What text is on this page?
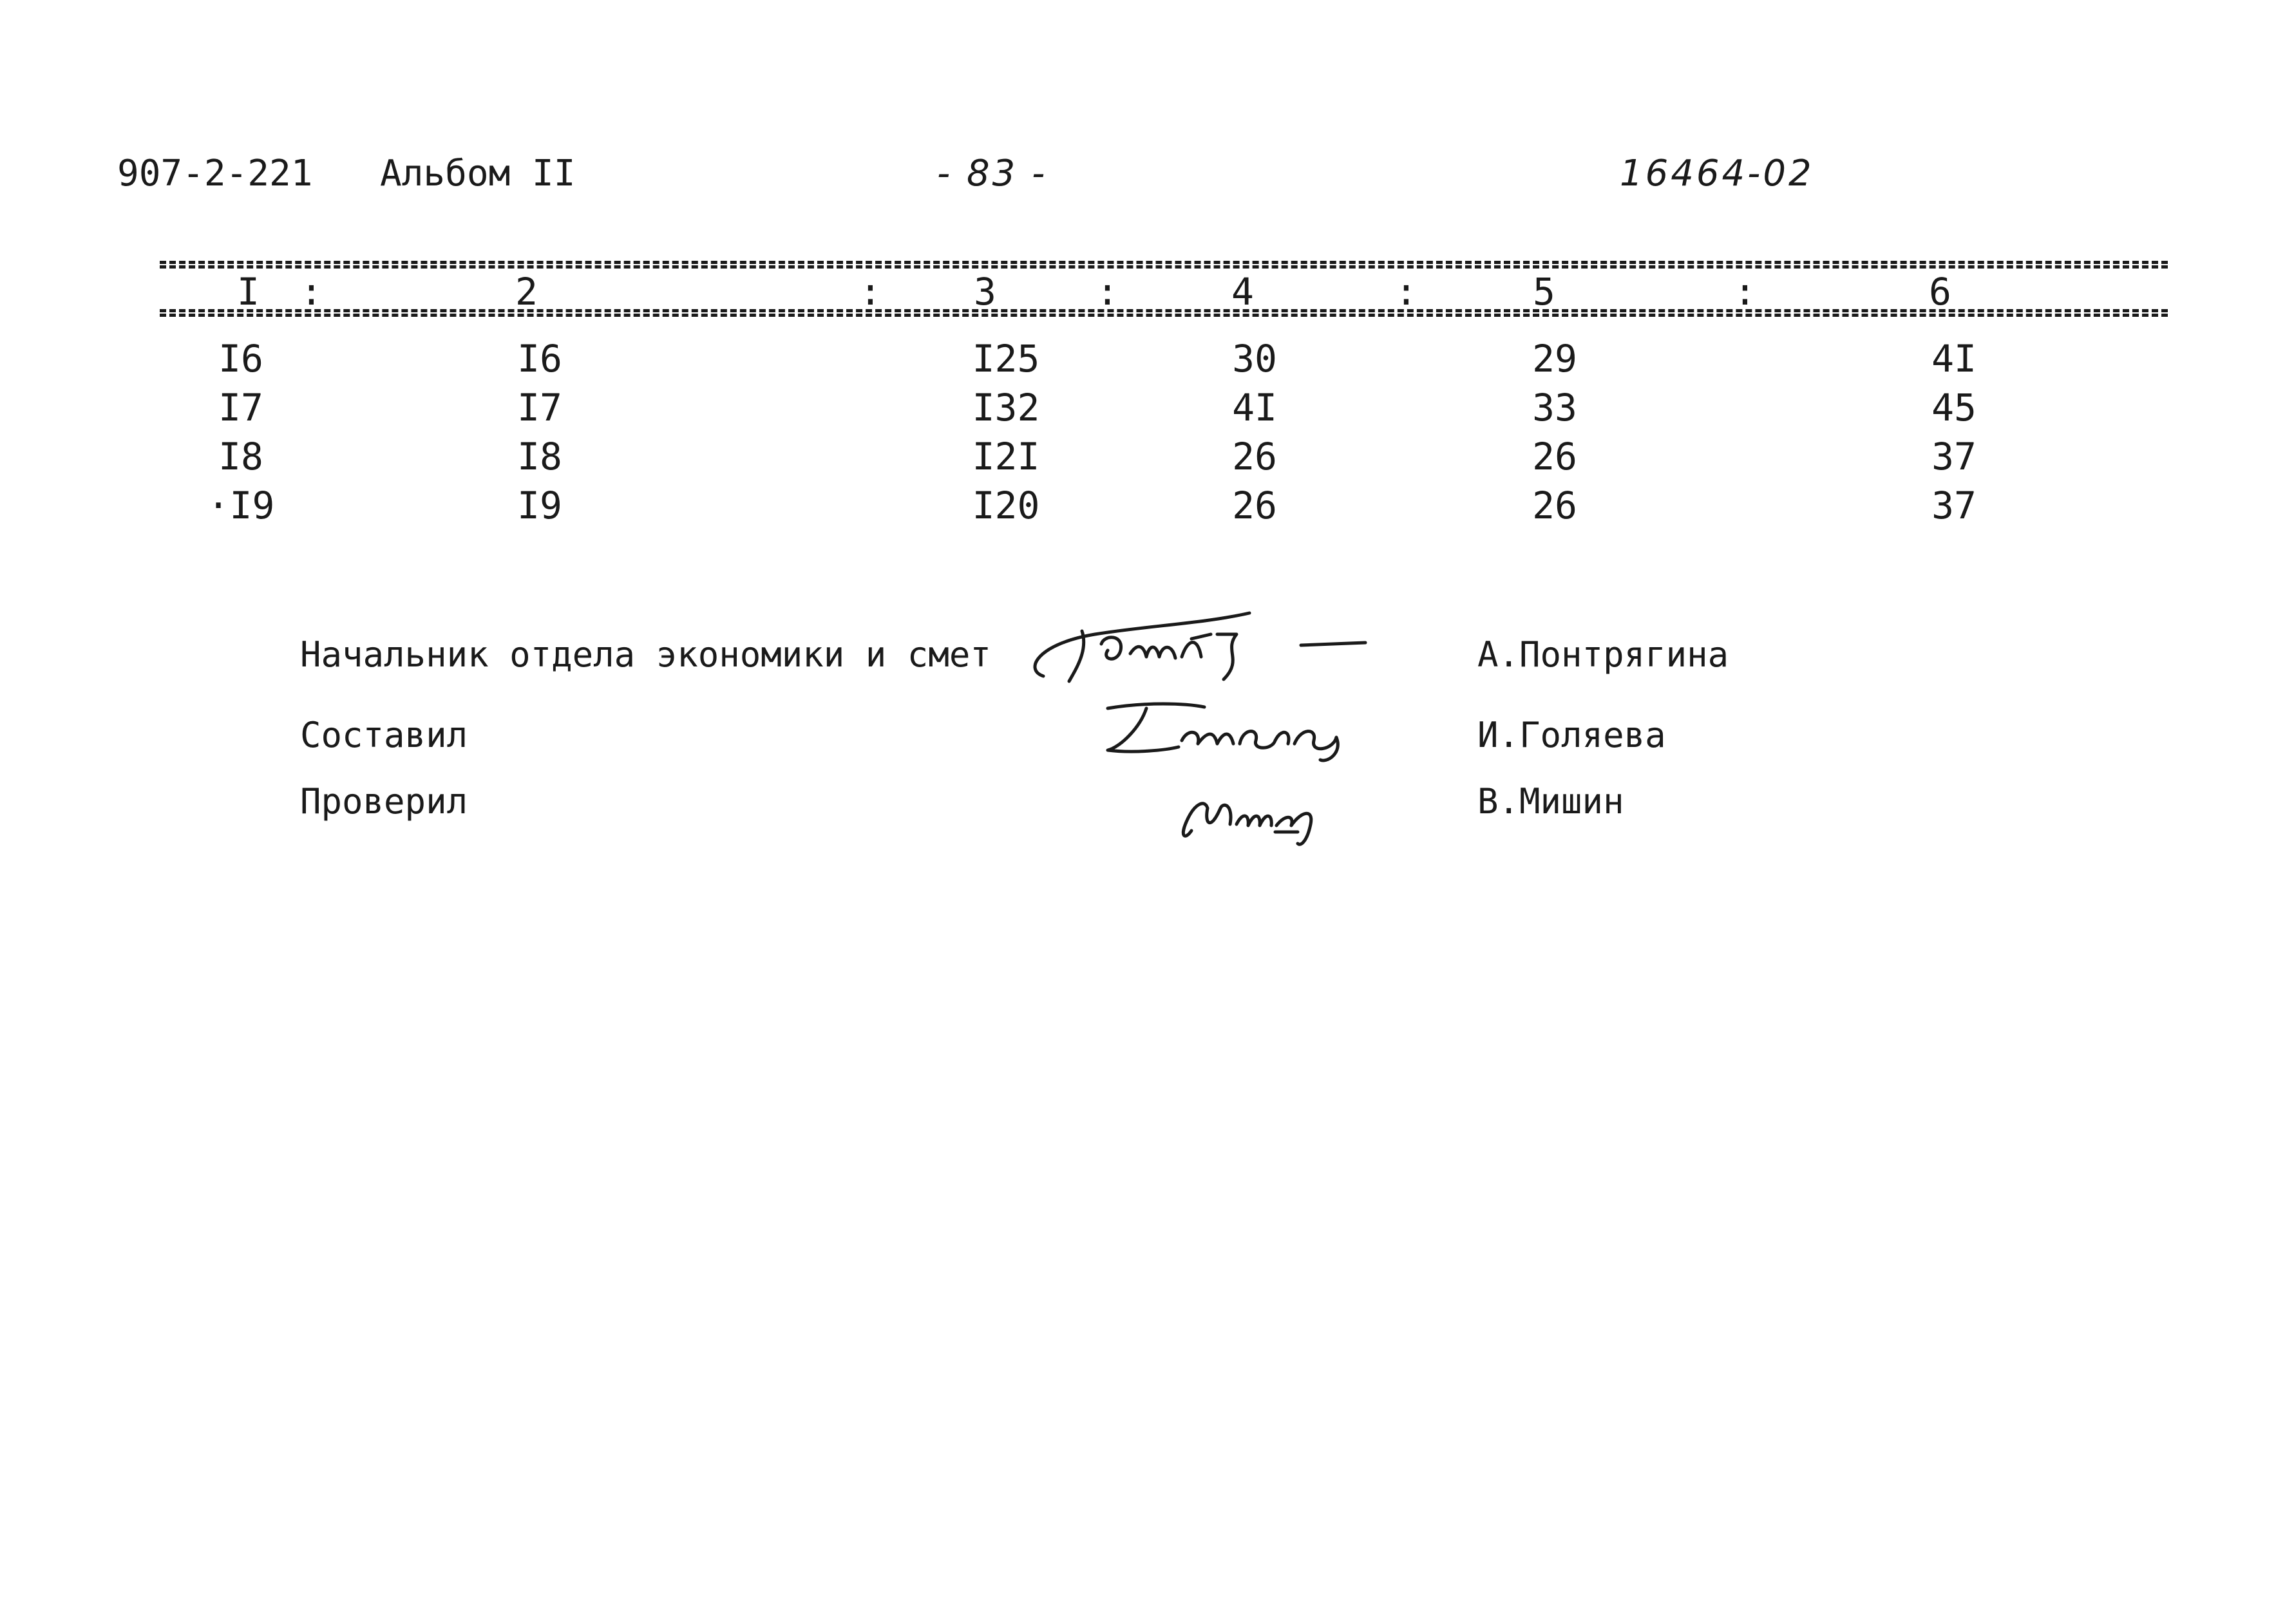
907-2-221 Альбом II	- 83 -	16464-02
I	2	3	4	5	6
:	:	:	:	:
I6	I6	I25	30	29	4I
I7	I7	I32	4I	33	45
I8	I8	I2I	26	26	37
·I9	I9	I20	26	26	37
Начальник отдела экономики и смет	А.Понтрягина
Составил	И.Голяева
Проверил	В.Мишин
